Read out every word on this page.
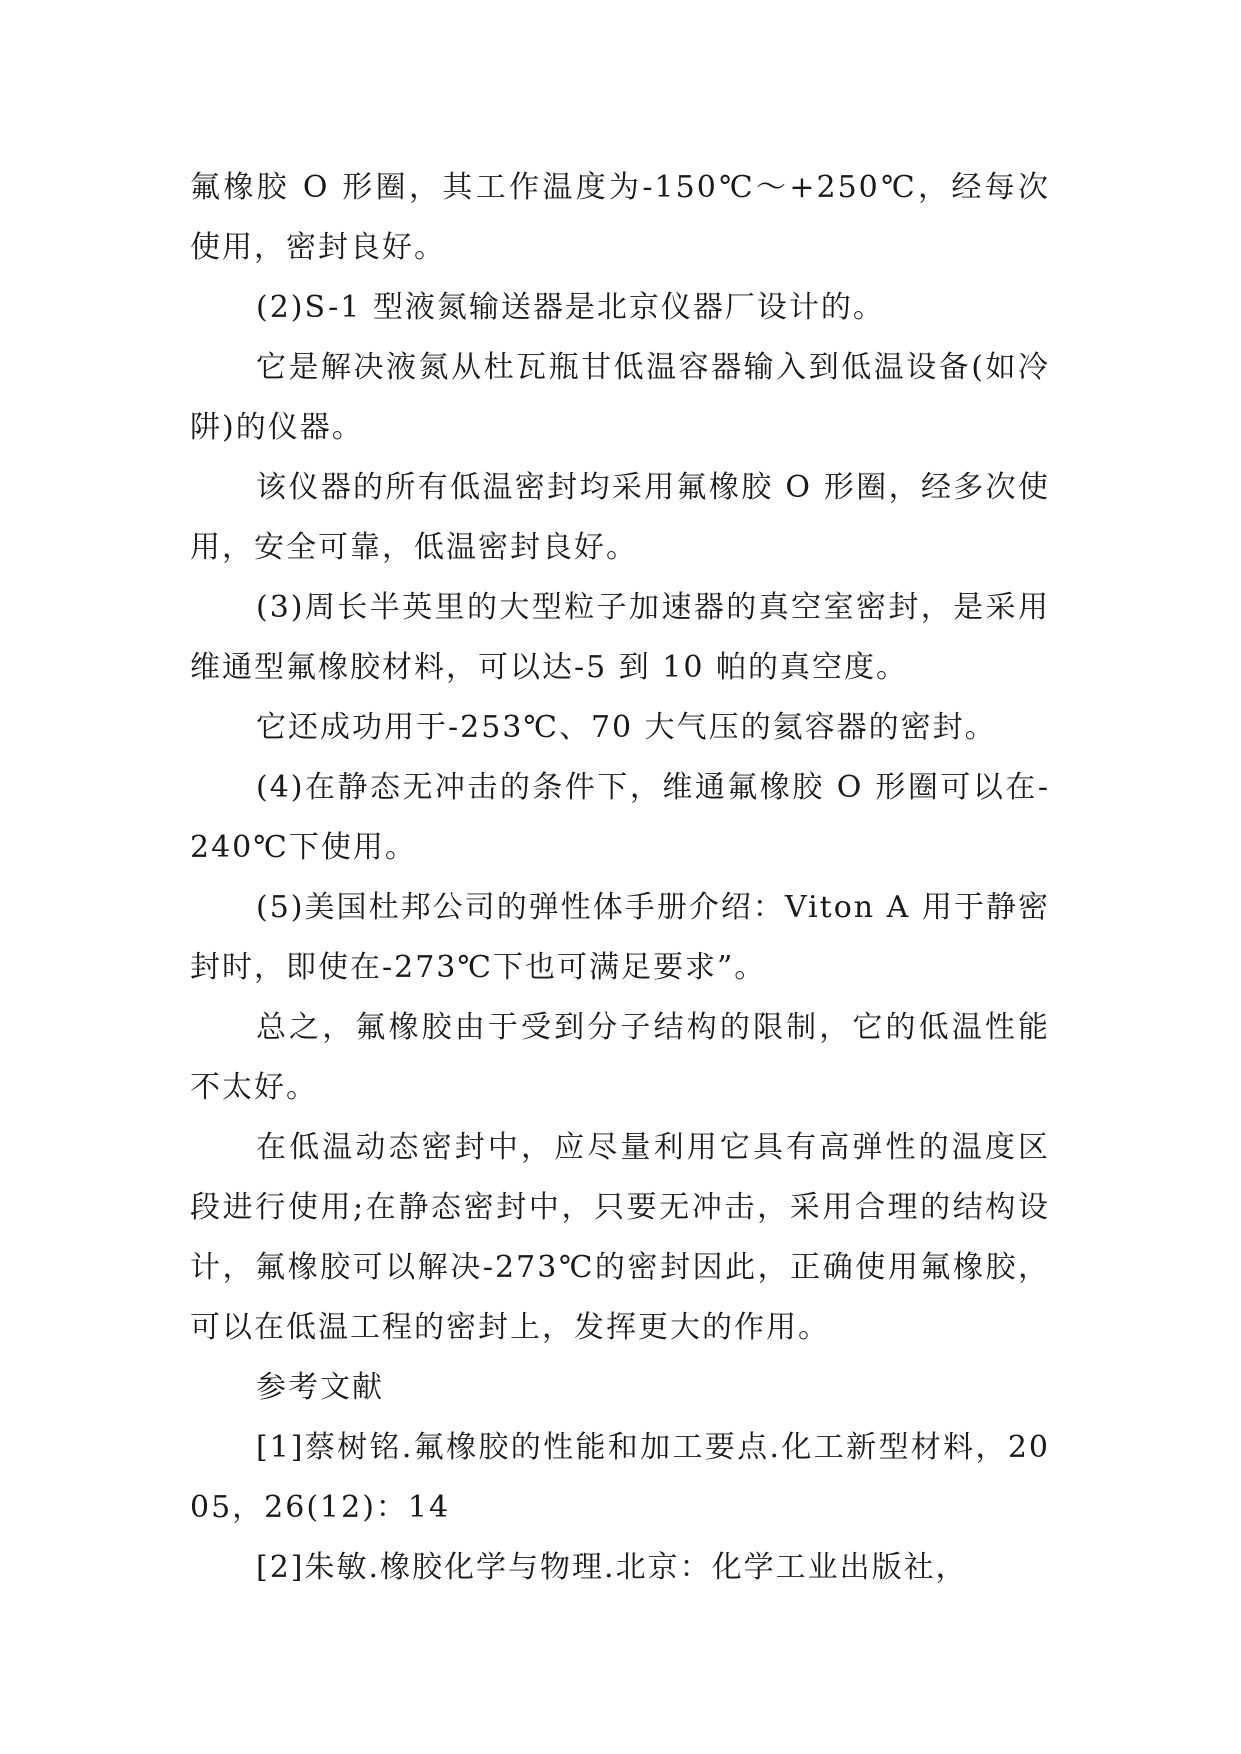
氟橡胶 O 形圈，其工作温度为-150℃～+250℃，经每次使用，密封良好。

(2)S-1 型液氮输送器是北京仪器厂设计的。

它是解决液氮从杜瓦瓶甘低温容器输入到低温设备(如冷阱)的仪器。

该仪器的所有低温密封均采用氟橡胶 O 形圈，经多次使用，安全可靠，低温密封良好。

(3)周长半英里的大型粒子加速器的真空室密封，是采用维通型氟橡胶材料，可以达-5 到 10 帕的真空度。

它还成功用于-253℃、70 大气压的氦容器的密封。

(4)在静态无冲击的条件下，维通氟橡胶 O 形圈可以在-240℃下使用。

(5)美国杜邦公司的弹性体手册介绍：Viton A 用于静密封时，即使在-273℃下也可满足要求”。

总之，氟橡胶由于受到分子结构的限制，它的低温性能不太好。

在低温动态密封中，应尽量利用它具有高弹性的温度区段进行使用;在静态密封中，只要无冲击，采用合理的结构设计，氟橡胶可以解决-273℃的密封因此，正确使用氟橡胶，可以在低温工程的密封上，发挥更大的作用。

参考文献

[1]蔡树铭.氟橡胶的性能和加工要点.化工新型材料，2005，26(12)：14

[2]朱敏.橡胶化学与物理.北京：化学工业出版社，
